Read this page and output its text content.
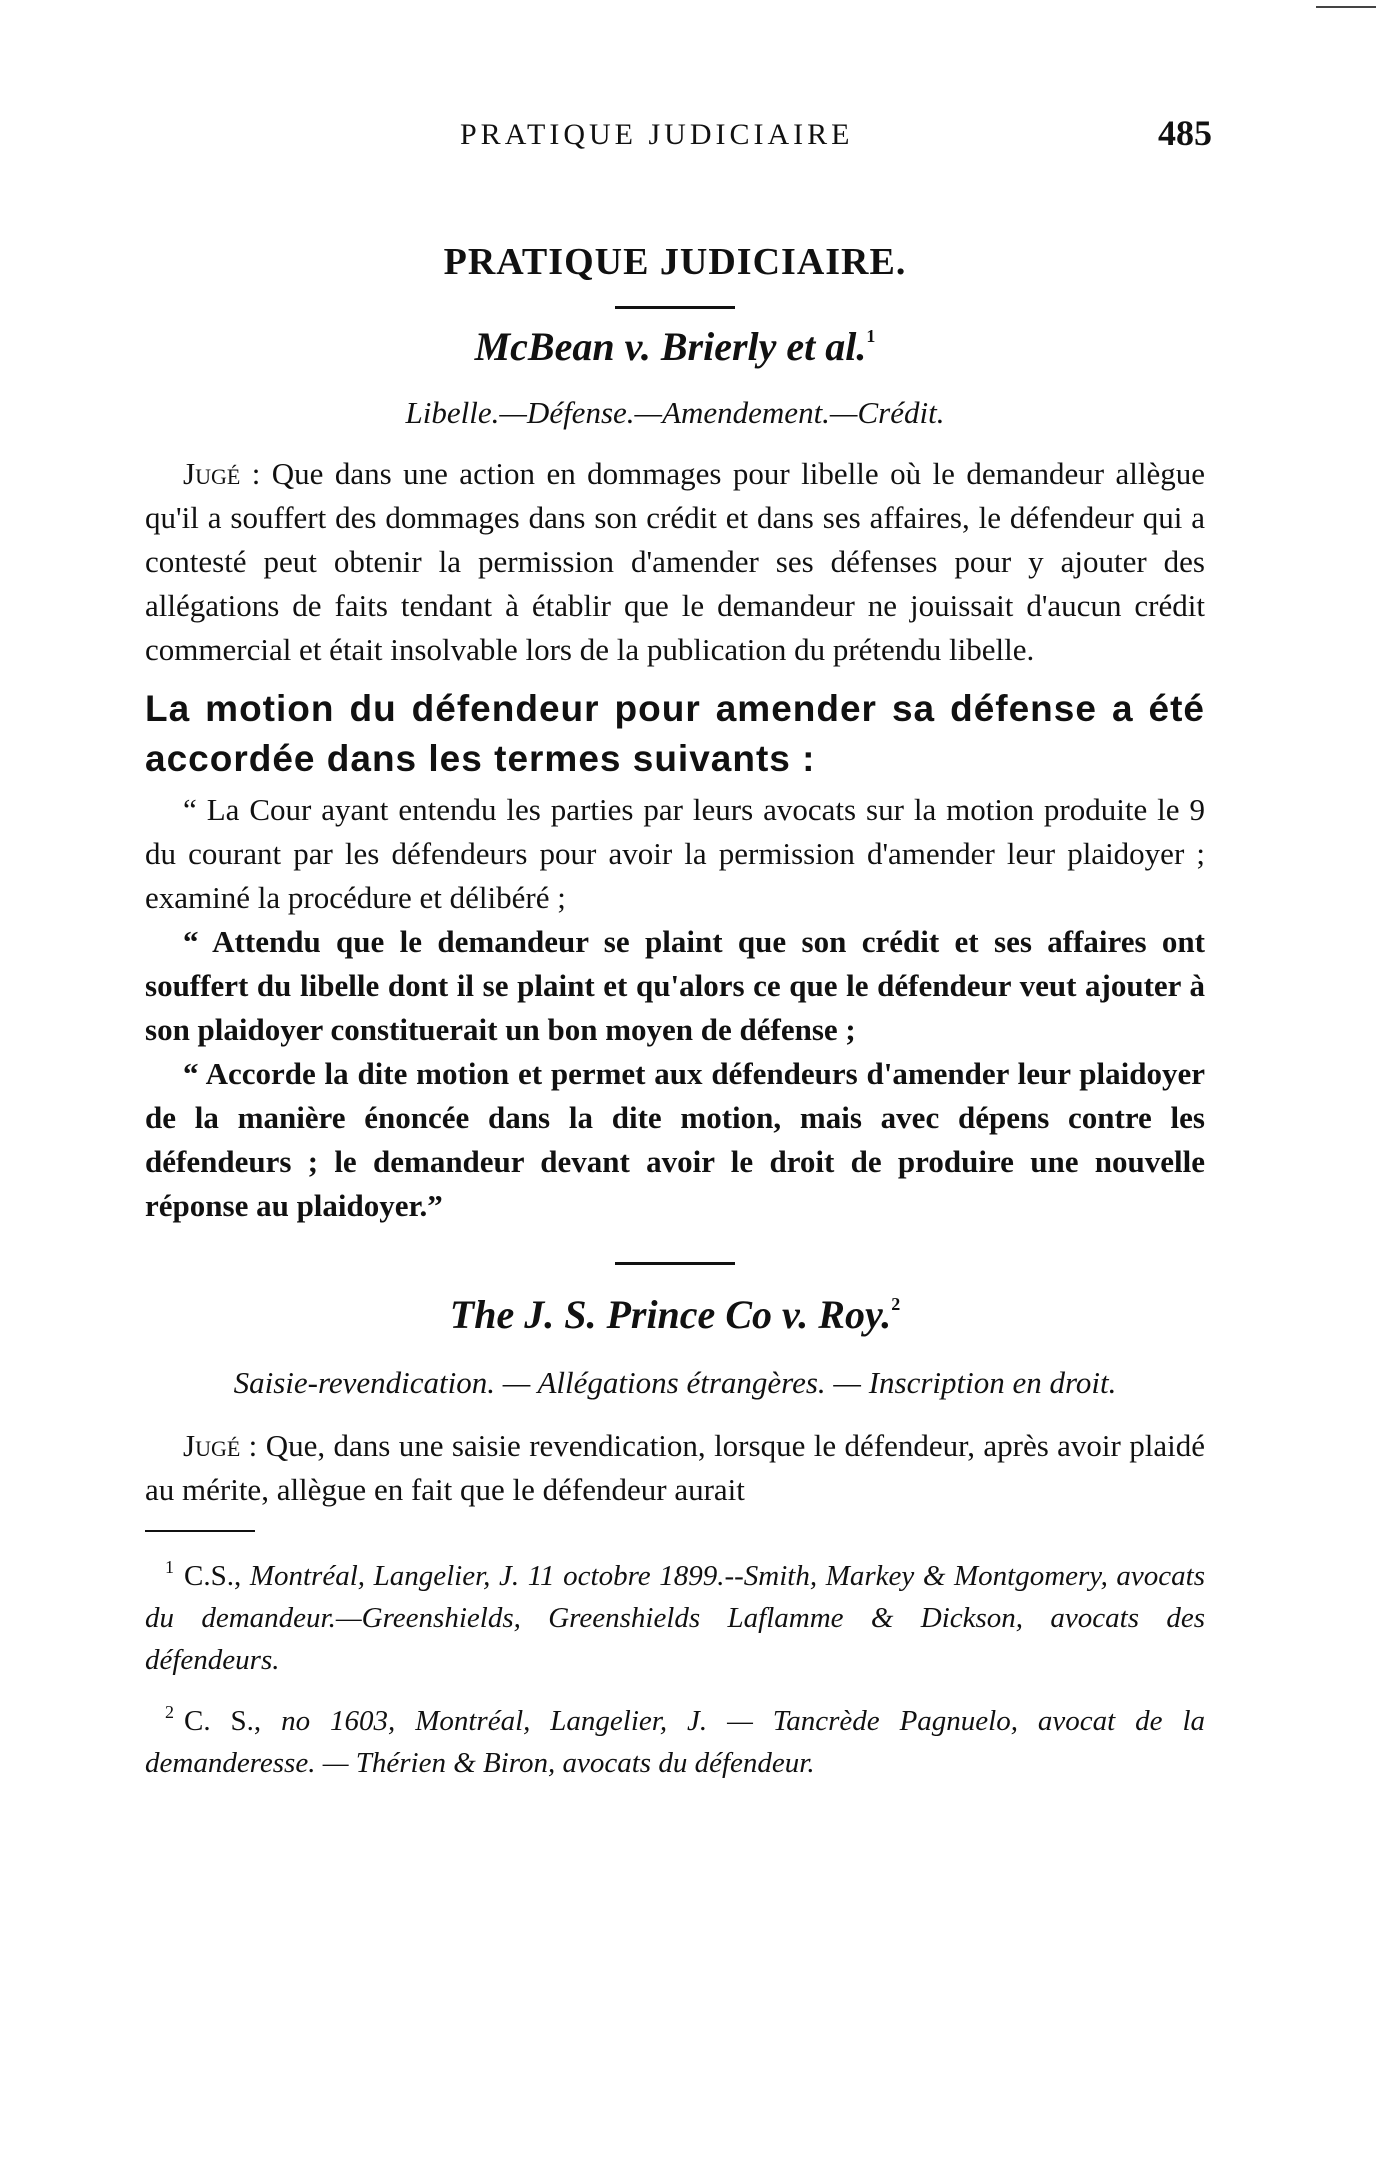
PRATIQUE JUDICIAIRE	485
PRATIQUE JUDICIAIRE.
McBean v. Brierly et al.$^1$

Libelle.—Défense.—Amendement.—Crédit.

Jugé : Que dans une action en dommages pour libelle où le demandeur allègue qu'il a souffert des dommages dans son crédit et dans ses affaires, le défendeur qui a contesté peut obtenir la permission d'amender ses défenses pour y ajouter des allégations de faits tendant à établir que le demandeur ne jouissait d'aucun crédit commercial et était insolvable lors de la publication du prétendu libelle.

La motion du défendeur pour amender sa défense a été accordée dans les termes suivants :

“ La Cour ayant entendu les parties par leurs avocats sur la motion produite le 9 du courant par les défendeurs pour avoir la permission d'amender leur plaidoyer ; examiné la procédure et délibéré ;

“ Attendu que le demandeur se plaint que son crédit et ses affaires ont souffert du libelle dont il se plaint et qu'alors ce que le défendeur veut ajouter à son plaidoyer constituerait un bon moyen de défense ;

“ Accorde la dite motion et permet aux défendeurs d'amender leur plaidoyer de la manière énoncée dans la dite motion, mais avec dépens contre les défendeurs ; le demandeur devant avoir le droit de produire une nouvelle réponse au plaidoyer.”

The J. S. Prince Co v. Roy.$^2$

Saisie-revendication. — Allégations étrangères. — Inscription en droit.

Jugé : Que, dans une saisie revendication, lorsque le défendeur, après avoir plaidé au mérite, allègue en fait que le défendeur aurait

$^1$ C.S., Montréal, Langelier, J. 11 octobre 1899.--Smith, Markey & Montgomery, avocats du demandeur.—Greenshields, Greenshields Laflamme & Dickson, avocats des défendeurs.

$^2$ C. S., no 1603, Montréal, Langelier, J. — Tancrède Pagnuelo, avocat de la demanderesse. — Thérien & Biron, avocats du défendeur.
